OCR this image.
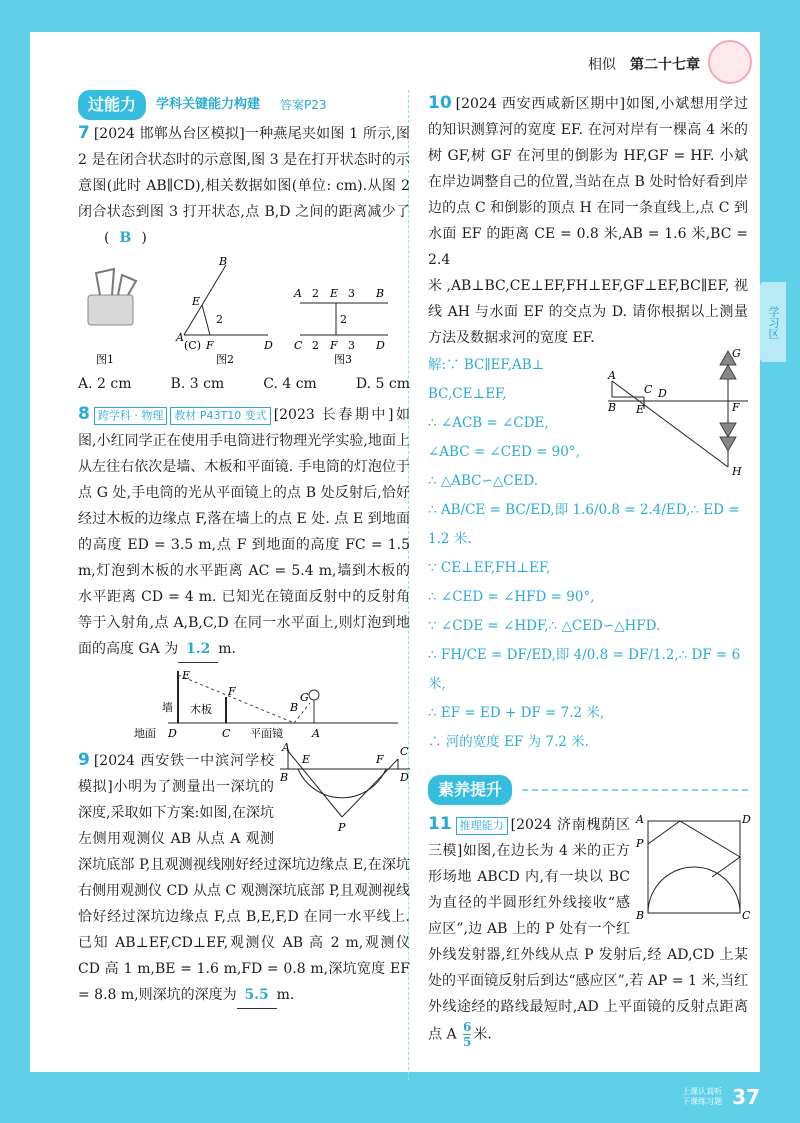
相似 第二十七章
学习区
过能力	学科关键能力构建 答案P23

7 [2024 邯郸丛台区模拟]一种燕尾夹如图 1 所示,图 2 是在闭合状态时的示意图,图 3 是在打开状态时的示意图(此时 AB∥CD),相关数据如图(单位: cm).从图 2 闭合状态到图 3 打开状态,点 B,D 之间的距离减少了 ( B )

B
E
2
A
(C) F	D
A 2 E 3 B
2
C 2 F 3 D
图1	图2	图3
A. 2 cm	B. 3 cm	C. 4 cm	D. 5 cm

8 跨学科 · 物理 教材 P43T10 变式 [2023 长春期中]如图,小红同学正在使用手电筒进行物理光学实验,地面上从左往右依次是墙、木板和平面镜. 手电筒的灯泡位于点 G 处,手电筒的光从平面镜上的点 B 处反射后,恰好经过木板的边缘点 F,落在墙上的点 E 处. 点 E 到地面的高度 ED = 3.5 m,点 F 到地面的高度 FC = 1.5 m,灯泡到木板的水平距离 AC = 5.4 m,墙到木板的水平距离 CD = 4 m. 已知光在镜面反射中的反射角等于入射角,点 A,B,C,D 在同一水平面上,则灯泡到地面的高度 GA 为 1.2 m.

E
F
B
G
墙 木板
地面 D	C 平面镜	A
A
B
E	F
C
D
P

9 [2024 西安铁一中滨河学校模拟]小明为了测量出一深坑的深度,采取如下方案:如图,在深坑左侧用观测仪 AB 从点 A 观测深坑底部 P,且观测视线刚好经过深坑边缘点 E,在深坑右侧用观测仪 CD 从点 C 观测深坑底部 P,且观测视线恰好经过深坑边缘点 F,点 B,E,F,D 在同一水平线上. 已知 AB⊥EF,CD⊥EF,观测仪 AB 高 2 m,观测仪 CD 高 1 m,BE = 1.6 m,FD = 0.8 m,深坑宽度 EF = 8.8 m,则深坑的深度为 5.5 m.

10 [2024 西安西咸新区期中]如图,小斌想用学过的知识测算河的宽度 EF. 在河对岸有一棵高 4 米的树 GF,树 GF 在河里的倒影为 HF,GF = HF. 小斌在岸边调整自己的位置,当站在点 B 处时恰好看到岸边的点 C 和倒影的顶点 H 在同一条直线上,点 C 到水面 EF 的距离 CE = 0.8 米,AB = 1.6 米,BC = 2.4 米,AB⊥BC,CE⊥EF,FH⊥EF,GF⊥EF,BC∥EF,视线 AH 与水面 EF 的交点为 D. 请你根据以上测量方法及数据求河的宽度 EF.

A
B
C
E
D
F
G
H
解:∵ BC∥EF,AB⊥
BC,CE⊥EF,
∴ ∠ACB = ∠CDE,
∠ABC = ∠CED = 90°,
∴ △ABC∽△CED.
∴ AB/CE = BC/ED,即 1.6/0.8 = 2.4/ED,∴ ED = 1.2 米.
∵ CE⊥EF,FH⊥EF,
∴ ∠CED = ∠HFD = 90°,
∵ ∠CDE = ∠HDF,∴ △CED∽△HFD.
∴ FH/CE = DF/ED,即 4/0.8 = DF/1.2,∴ DF = 6 米,
∴ EF = ED + DF = 7.2 米,
∴ 河的宽度 EF 为 7.2 米.
素养提升
A	D
P
B	C

11 推理能力 [2024 济南槐荫区三模]如图,在边长为 4 米的正方形场地 ABCD 内,有一块以 BC 为直径的半圆形红外线接收“感应区”,边 AB 上的 P 处有一个红外线发射器,红外线从点 P 发射后,经 AD,CD 上某处的平面镜反射后到达“感应区”,若 AP = 1 米,当红外线途经的路线最短时,AD 上平面镜的反射点距离点 A $\frac{6}{5}$ 米.

上课认真听
下课练习题 37
